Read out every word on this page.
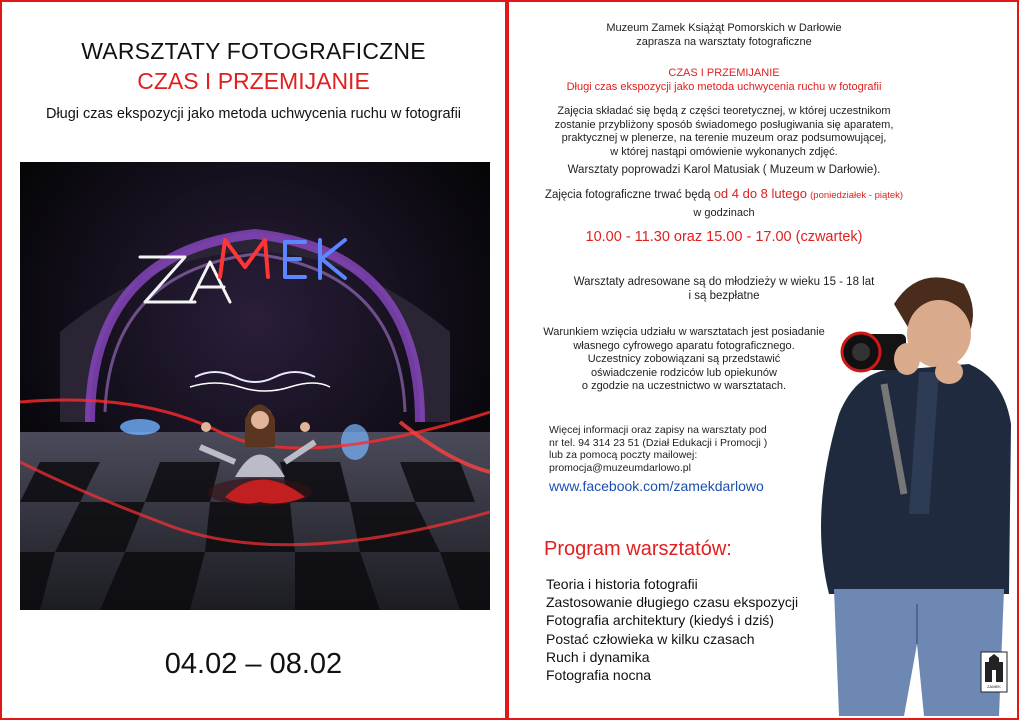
WARSZTATY FOTOGRAFICZNE
CZAS I PRZEMIJANIE
Długi czas ekspozycji jako metoda uchwycenia ruchu w fotografii
04.02 – 08.02
Muzeum Zamek Książąt Pomorskich w Darłowie
zaprasza na warsztaty fotograficzne
CZAS I PRZEMIJANIE
Długi czas ekspozycji jako metoda uchwycenia ruchu w fotografii
Zajęcia składać się będą z części teoretycznej, w której uczestnikom
zostanie przybliżony sposób świadomego posługiwania się aparatem,
praktycznej w plenerze, na terenie muzeum oraz podsumowującej,
w której nastąpi omówienie wykonanych zdjęć.
Warsztaty poprowadzi Karol Matusiak ( Muzeum w Darłowie).
Zajęcia fotograficzne trwać będą od 4 do 8 lutego (poniedziałek - piątek)
w godzinach
10.00 - 11.30 oraz 15.00 - 17.00 (czwartek)
Warsztaty adresowane są do młodzieży w wieku 15 - 18 lat
i są bezpłatne
Warunkiem wzięcia udziału w warsztatach jest posiadanie
własnego cyfrowego aparatu fotograficznego.
Uczestnicy zobowiązani są przedstawić
oświadczenie rodziców lub opiekunów
o zgodzie na uczestnictwo w warsztatach.
Więcej informacji oraz zapisy na warsztaty pod
nr tel. 94 314 23 51 (Dział Edukacji i Promocji )
lub za pomocą poczty mailowej:
promocja@muzeumdarlowo.pl
www.facebook.com/zamekdarlowo
Program warsztatów:
Teoria i historia fotografii
Zastosowanie długiego czasu ekspozycji
Fotografia architektury (kiedyś i dziś)
Postać człowieka w kilku czasach
Ruch i dynamika
Fotografia nocna
ZAMEK
